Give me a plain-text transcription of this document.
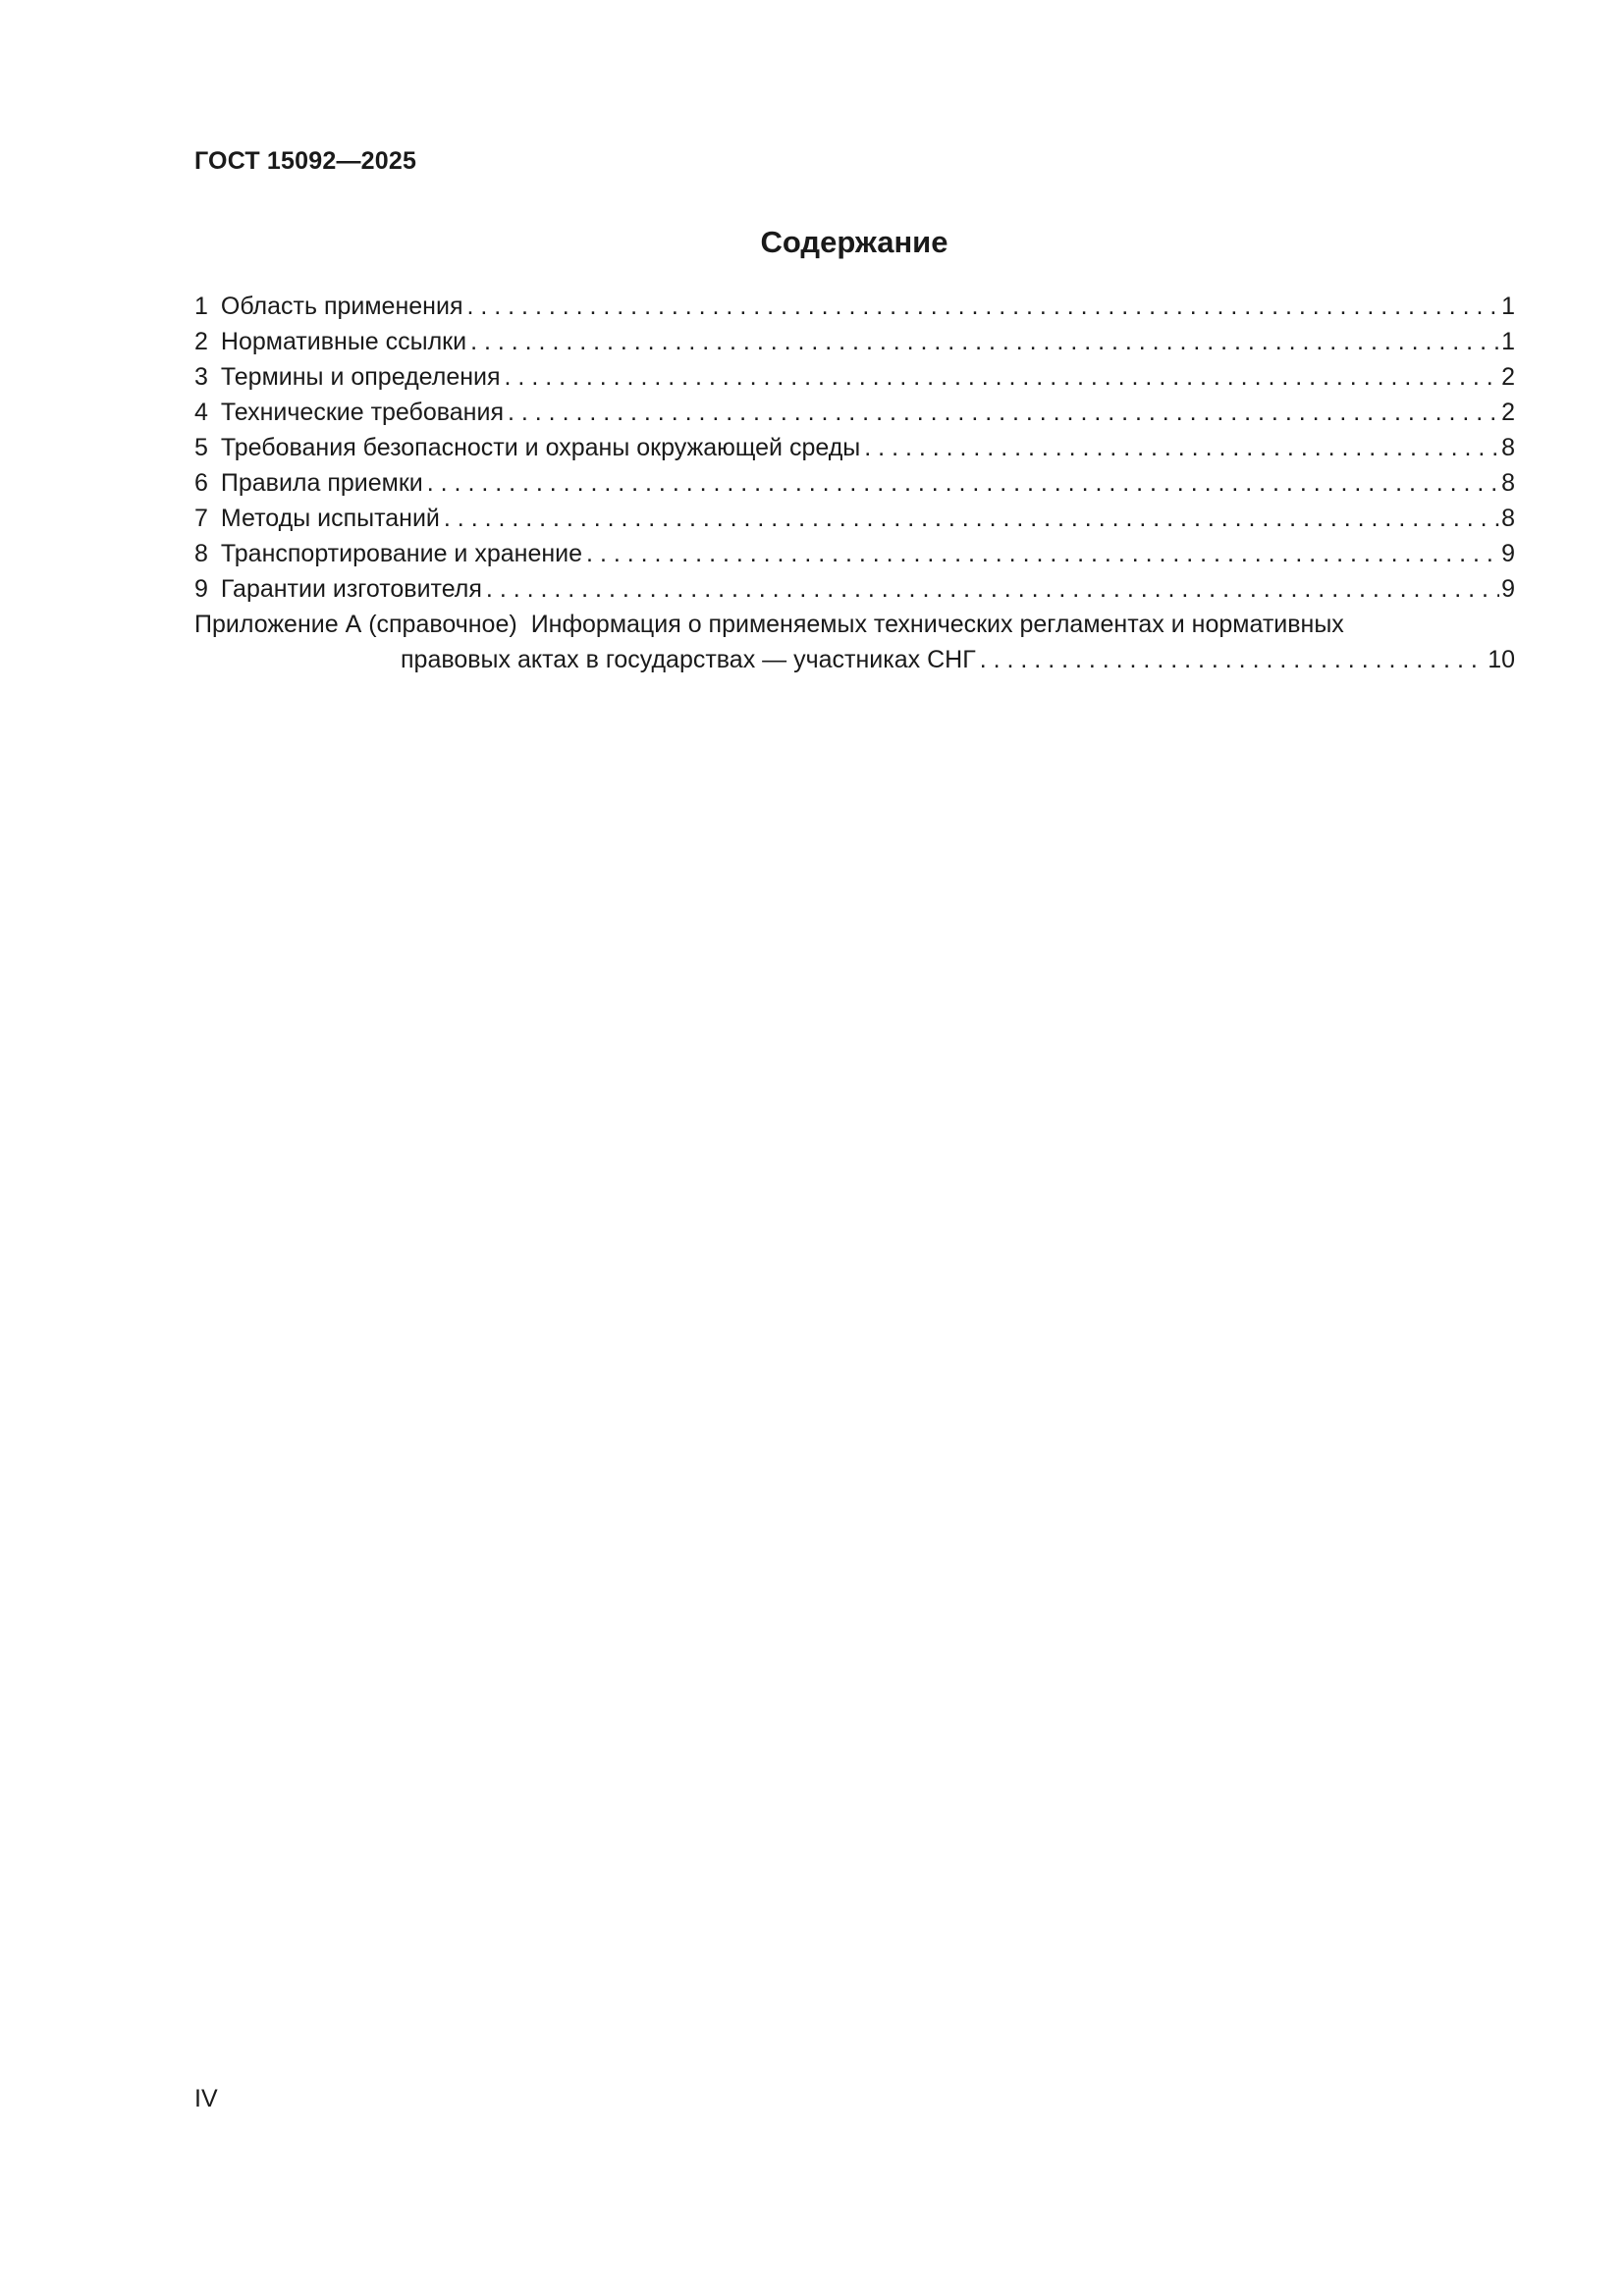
ГОСТ 15092—2025
Содержание
1 Область применения . . .	1
2 Нормативные ссылки . . .	1
3 Термины и определения . . .	2
4 Технические требования . . .	2
5 Требования безопасности и охраны окружающей среды . . .	8
6 Правила приемки . . .	8
7 Методы испытаний . . .	8
8 Транспортирование и хранение . . .	9
9 Гарантии изготовителя . . .	9
Приложение А (справочное) Информация о применяемых технических регламентах и нормативных
правовых актах в государствах — участниках СНГ . . .	10
IV
